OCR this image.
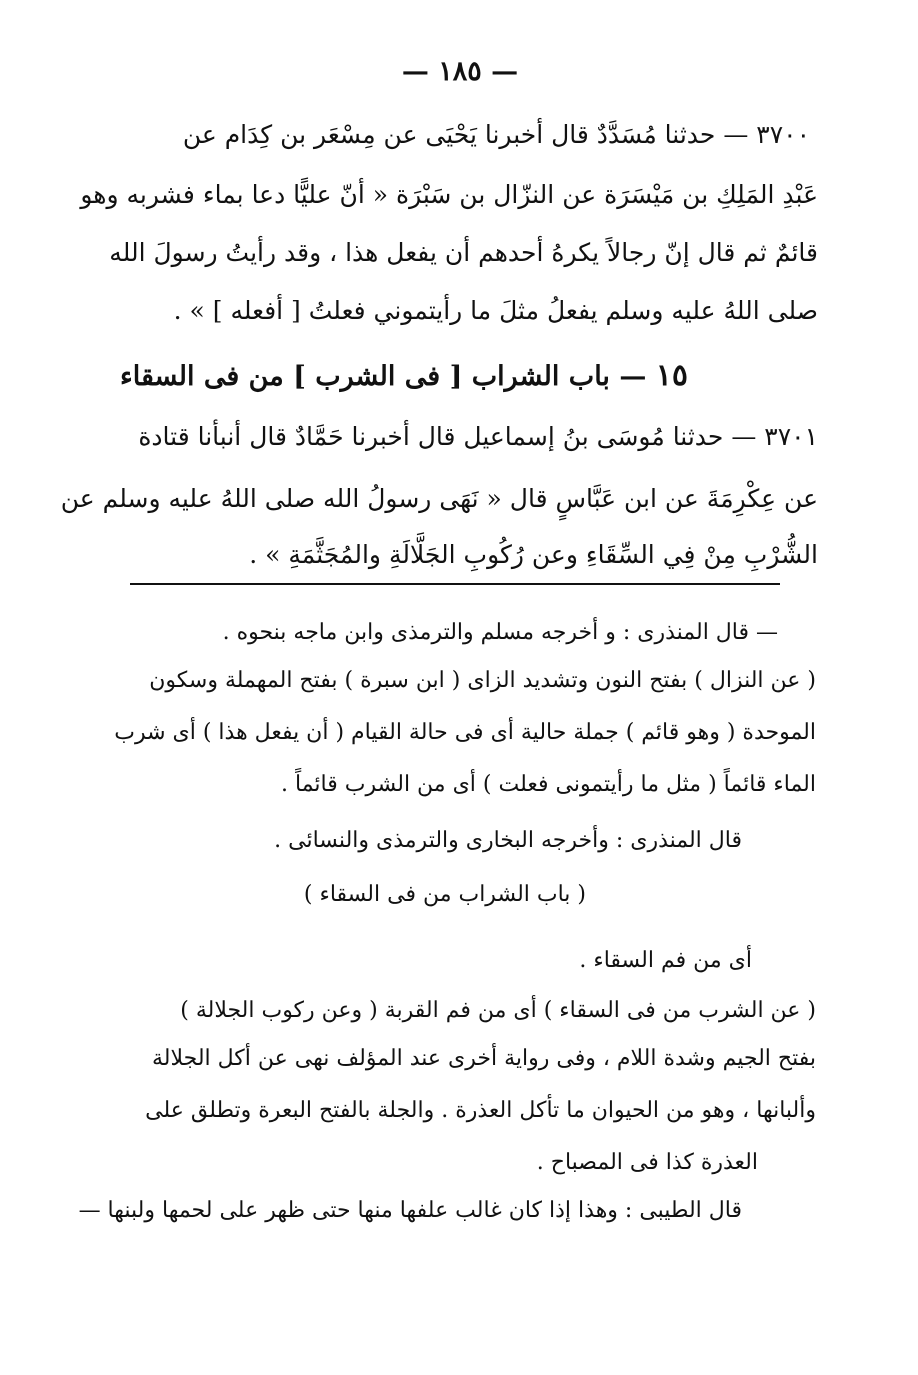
— ١٨٥ —
٣٧٠٠ — حدثنا مُسَدَّدٌ قال أخبرنا يَحْيَى عن مِسْعَر بن كِدَام عن
عَبْدِ المَلِكِ بن مَيْسَرَة عن النزّال بن سَبْرَة « أنّ عليًّا دعا بماء فشربه وهو
قائمٌ ثم قال إنّ رجالاً يكرهُ أحدهم أن يفعل هذا ، وقد رأيتُ رسولَ الله
صلى اللهُ عليه وسلم يفعلُ مثلَ ما رأيتموني فعلتُ [ أفعله ] » .
١٥ — باب الشراب [ فى الشرب ] من فى السقاء
٣٧٠١ — حدثنا مُوسَى بنُ إسماعيل قال أخبرنا حَمَّادٌ قال أنبأنا قتادة
عن عِكْرِمَةَ عن ابن عَبَّاسٍ قال « نَهَى رسولُ الله صلى اللهُ عليه وسلم عن
الشُّرْبِ مِنْ فِي السِّقَاءِ وعن رُكُوبِ الجَلَّالَةِ والمُجَثَّمَةِ » .
— قال المنذرى : و أخرجه مسلم والترمذى وابن ماجه بنحوه .
( عن النزال ) بفتح النون وتشديد الزاى ( ابن سبرة ) بفتح المهملة وسكون
الموحدة ( وهو قائم ) جملة حالية أى فى حالة القيام ( أن يفعل هذا ) أى شرب
الماء قائماً ( مثل ما رأيتمونى فعلت ) أى من الشرب قائماً .
قال المنذرى : وأخرجه البخارى والترمذى والنسائى .
( باب الشراب من فى السقاء )
أى من فم السقاء .
( عن الشرب من فى السقاء ) أى من فم القربة ( وعن ركوب الجلالة )
بفتح الجيم وشدة اللام ، وفى رواية أخرى عند المؤلف نهى عن أكل الجلالة
وألبانها ، وهو من الحيوان ما تأكل العذرة . والجلة بالفتح البعرة وتطلق على
العذرة كذا فى المصباح .
قال الطيبى : وهذا إذا كان غالب علفها منها حتى ظهر على لحمها ولبنها —
